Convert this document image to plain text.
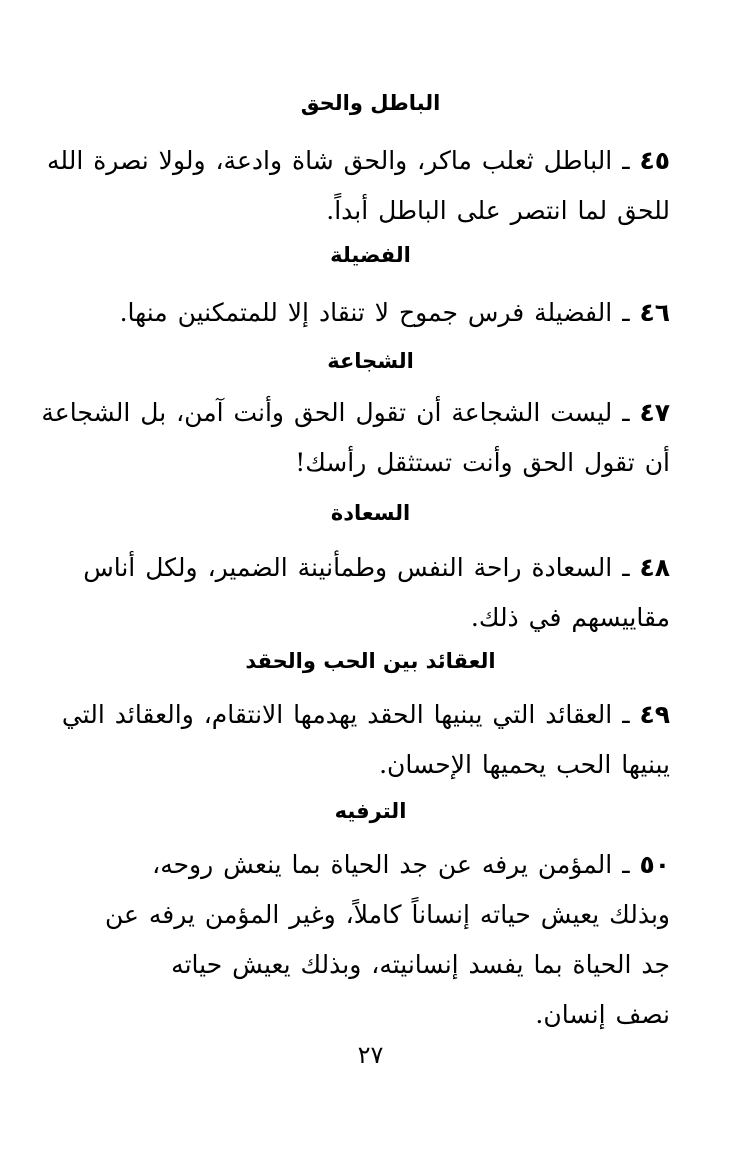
الباطل والحق
٤٥ ـ الباطل ثعلب ماكر، والحق شاة وادعة، ولولا نصرة الله
للحق لما انتصر على الباطل أبداً.
الفضيلة
٤٦ ـ الفضيلة فرس جموح لا تنقاد إلا للمتمكنين منها.
الشجاعة
٤٧ ـ ليست الشجاعة أن تقول الحق وأنت آمن، بل الشجاعة
أن تقول الحق وأنت تستثقل رأسك!
السعادة
٤٨ ـ السعادة راحة النفس وطمأنينة الضمير، ولكل أناس
مقاييسهم في ذلك.
العقائد بين الحب والحقد
٤٩ ـ العقائد التي يبنيها الحقد يهدمها الانتقام، والعقائد التي
يبنيها الحب يحميها الإحسان.
الترفيه
٥٠ ـ المؤمن يرفه عن جد الحياة بما ينعش روحه،
وبذلك يعيش حياته إنساناً كاملاً، وغير المؤمن يرفه عن
جد الحياة بما يفسد إنسانيته، وبذلك يعيش حياته
نصف إنسان.
٢٧
